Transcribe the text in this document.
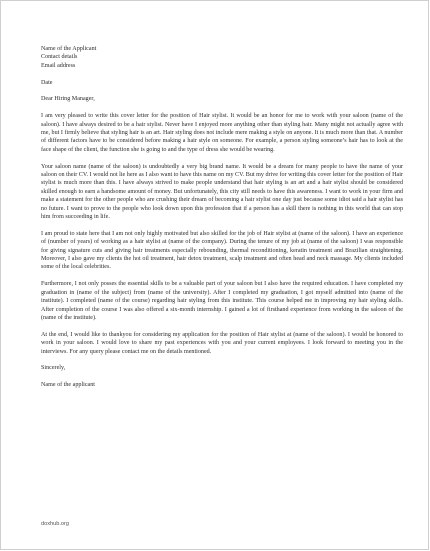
Name of the Applicant
Contact details
Email address

Date

Dear Hiring Manager,

I am very pleased to write this cover letter for the position of Hair stylist. It would be an honor for me to work with your saloon (name of the saloon). I have always desired to be a hair stylist. Never have I enjoyed more anything other than styling hair. Many might not actually agree with me, but I firmly believe that styling hair is an art. Hair styling does not include mere making a style on anyone. It is much more than that. A number of different factors have to be considered before making a hair style on someone. For example, a person styling someone’s hair has to look at the face shape of the client, the function she is going to and the type of dress she would be wearing.

Your saloon name (name of the saloon) is undoubtedly a very big brand name. It would be a dream for many people to have the name of your saloon on their CV. I would not lie here as I also want to have this name on my CV. But my drive for writing this cover letter for the position of Hair stylist is much more than this. I have always strived to make people understand that hair styling is an art and a hair stylist should be considered skilled enough to earn a handsome amount of money. But unfortunately, this city still needs to have this awareness. I want to work in your firm and make a statement for the other people who are crushing their dream of becoming a hair stylist one day just because some idiot said a hair stylist has no future. I want to prove to the people who look down upon this profession that if a person has a skill there is nothing in this world that can stop him from succeeding in life.

I am proud to state here that I am not only highly motivated but also skilled for the job of Hair stylist at (name of the saloon). I have an experience of (number of years) of working as a hair stylist at (name of the company). During the tenure of my job at (name of the saloon) I was responsible for giving signature cuts and giving hair treatments especially rebounding, thermal reconditioning, keratin treatment and Brazilian straightening. Moreover, I also gave my clients the hot oil treatment, hair detox treatment, scalp treatment and often head and neck massage. My clients included some of the local celebrities.

Furthermore, I not only posses the essential skills to be a valuable part of your saloon but I also have the required education. I have completed my graduation in (name of the subject) from (name of the university). After I completed my graduation, I got myself admitted into (name of the institute). I completed (name of the course) regarding hair styling from this institute. This course helped me in improving my hair styling skills. After completion of the course I was also offered a six-month internship. I gained a lot of firsthand experience from working in the saloon of the (name of the institute).

At the end, I would like to thankyou for considering my application for the position of Hair stylist at (name of the saloon). I would be honored to work in your saloon. I would love to share my past experiences with you and your current employees. I look forward to meeting you in the interviews. For any query please contact me on the details mentioned.

Sincerely,

Name of the applicant

doxhub.org
